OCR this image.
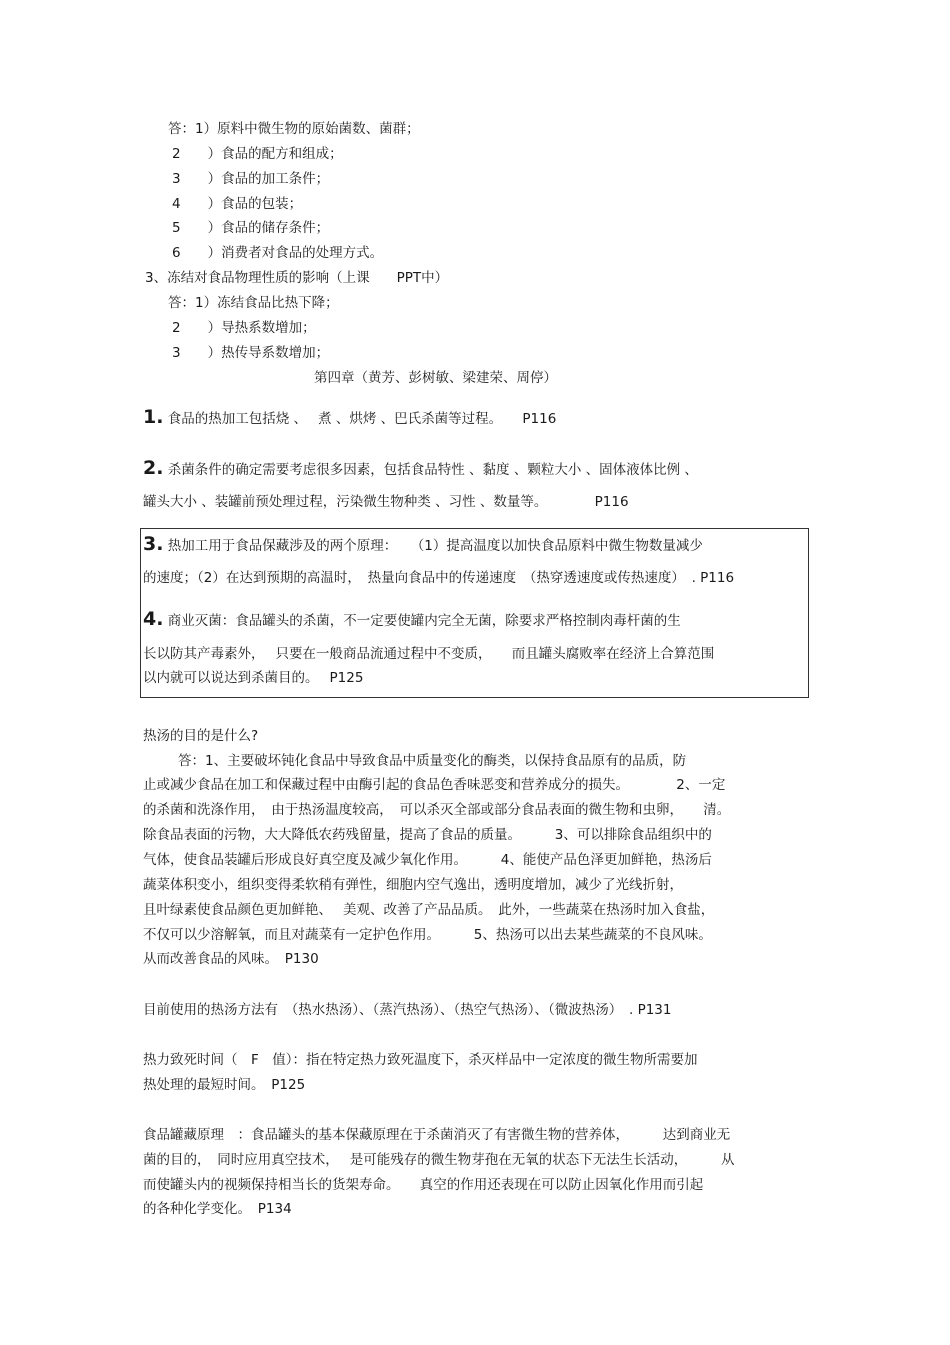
答：1）原料中微生物的原始菌数、菌群；
2　　）食品的配方和组成；
3　　）食品的加工条件；
4　　）食品的包装；
5　　）食品的储存条件；
6　　）消费者对食品的处理方式。
3、冻结对食品物理性质的影响（上课　　PPT中）
答：1）冻结食品比热下降；
2　　）导热系数增加；
3　　）热传导系数增加；
第四章（黄芳、彭树敏、梁建荣、周停）
1. 食品的热加工包括烧 、　 煮 、烘烤 、巴氏杀菌等过程。　　P116
2. 杀菌条件的确定需要考虑很多因素，包括食品特性 、黏度 、颗粒大小 、固体液体比例 、
罐头大小 、装罐前预处理过程，污染微生物种类 、习性 、数量等。　　　　P116
3. 热加工用于食品保藏涉及的两个原理：　　（1）提高温度以加快食品原料中微生物数量减少
的速度；（2）在达到预期的高温时，　热量向食品中的传递速度　（热穿透速度或传热速度）　. P116
4. 商业灭菌：食品罐头的杀菌，不一定要使罐内完全无菌，除要求严格控制肉毒杆菌的生
长以防其产毒素外，　 只要在一般商品流通过程中不变质，　　而且罐头腐败率在经济上合算范围
以内就可以说达到杀菌目的。　 P125
热汤的目的是什么?
答：1、主要破坏钝化食品中导致食品中质量变化的酶类，以保持食品原有的品质，防
止或减少食品在加工和保藏过程中由酶引起的食品色香味恶变和营养成分的损失。　　　　2、一定
的杀菌和洗涤作用，　由于热汤温度较高，　可以杀灭全部或部分食品表面的微生物和虫卵，　　清。
除食品表面的污物，大大降低农药残留量，提高了食品的质量。　　　3、可以排除食品组织中的
气体，使食品装罐后形成良好真空度及减少氧化作用。　　　4、能使产品色泽更加鲜艳，热汤后
蔬菜体积变小，组织变得柔软稍有弹性，细胞内空气逸出，透明度增加，减少了光线折射，
且叶绿素使食品颜色更加鲜艳、　 美观、改善了产品品质。　此外，一些蔬菜在热汤时加入食盐，
不仅可以少溶解氧，而且对蔬菜有一定护色作用。　　　5、热汤可以出去某些蔬菜的不良风味。
从而改善食品的风味。　P130
目前使用的热汤方法有　（热水热汤）、（蒸汽热汤）、（热空气热汤）、（微波热汤）　. P131
热力致死时间（　F　值）：指在特定热力致死温度下，杀灭样品中一定浓度的微生物所需要加
热处理的最短时间。　P125
食品罐藏原理　：食品罐头的基本保藏原理在于杀菌消灭了有害微生物的营养体，　　　达到商业无
菌的目的，　同时应用真空技术，　 是可能残存的微生物芽孢在无氧的状态下无法生长活动，　　　从
而使罐头内的视频保持相当长的货架寿命。　　真空的作用还表现在可以防止因氧化作用而引起
的各种化学变化。　P134
